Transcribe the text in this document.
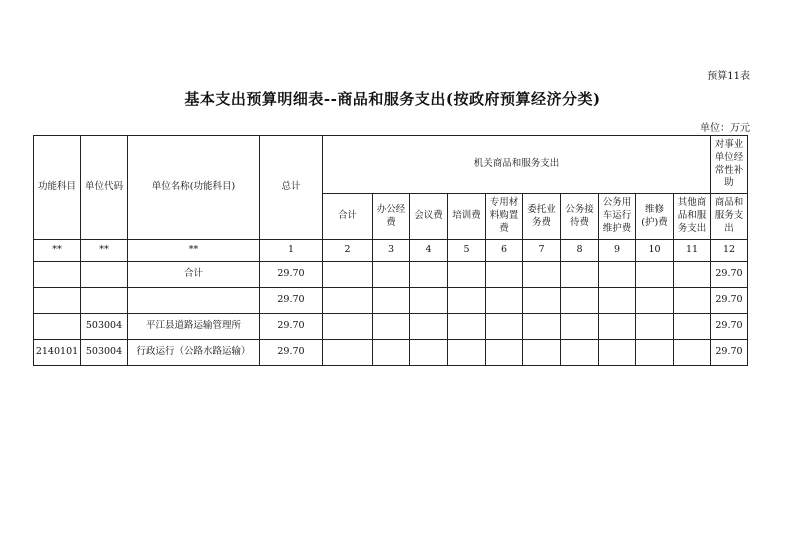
预算11表
基本支出预算明细表--商品和服务支出(按政府预算经济分类)
单位：万元
功能科目	单位代码	单位名称(功能科目)	总计	机关商品和服务支出										对事业单位经常性补助
				合计	办公经费	会议费	培训费	专用材料购置费	委托业务费	公务接待费	公务用车运行维护费	维修(护)费	其他商品和服务支出	商品和服务支出
**	**	**	1	2	3	4	5	6	7	8	9	10	11	12
		合计	29.70											29.70
			29.70											29.70
	503004	平江县道路运输管理所	29.70											29.70
2140101	503004	行政运行（公路水路运输）	29.70											29.70
